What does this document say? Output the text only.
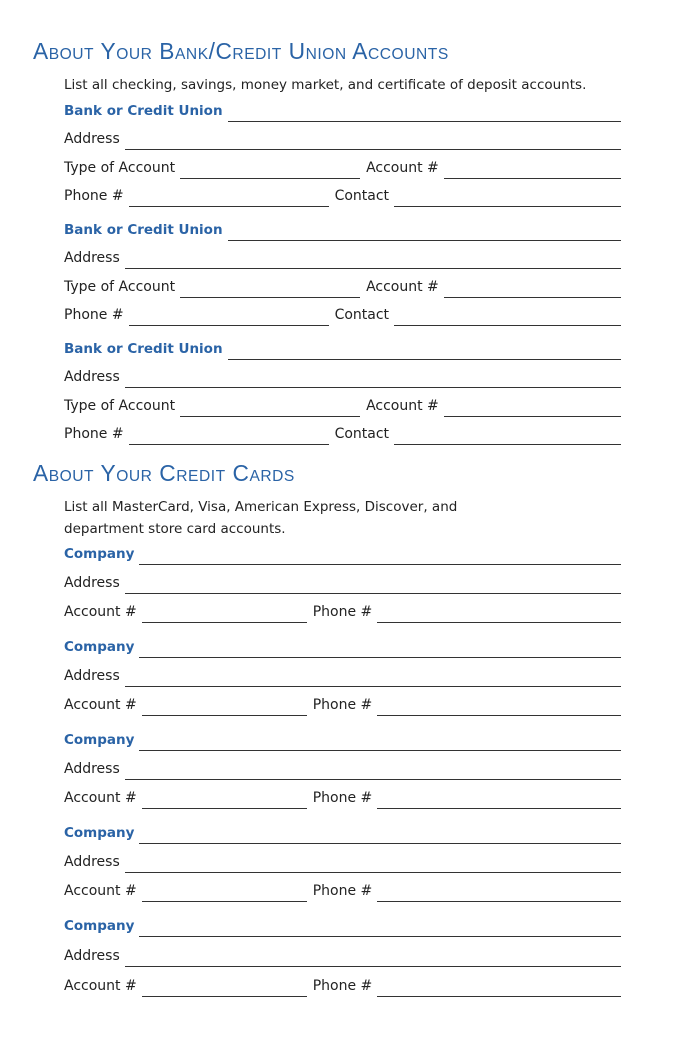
About Your Bank/Credit Union Accounts

List all checking, savings, money market, and certificate of deposit accounts.

Bank or Credit Union
Address
Type of Account	Account #
Phone #	Contact
Bank or Credit Union
Address
Type of Account	Account #
Phone #	Contact
Bank or Credit Union
Address
Type of Account	Account #
Phone #	Contact
About Your Credit Cards

List all MasterCard, Visa, American Express, Discover, and

department store card accounts.

Company
Address
Account #	Phone #
Company
Address
Account #	Phone #
Company
Address
Account #	Phone #
Company
Address
Account #	Phone #
Company
Address
Account #	Phone #
